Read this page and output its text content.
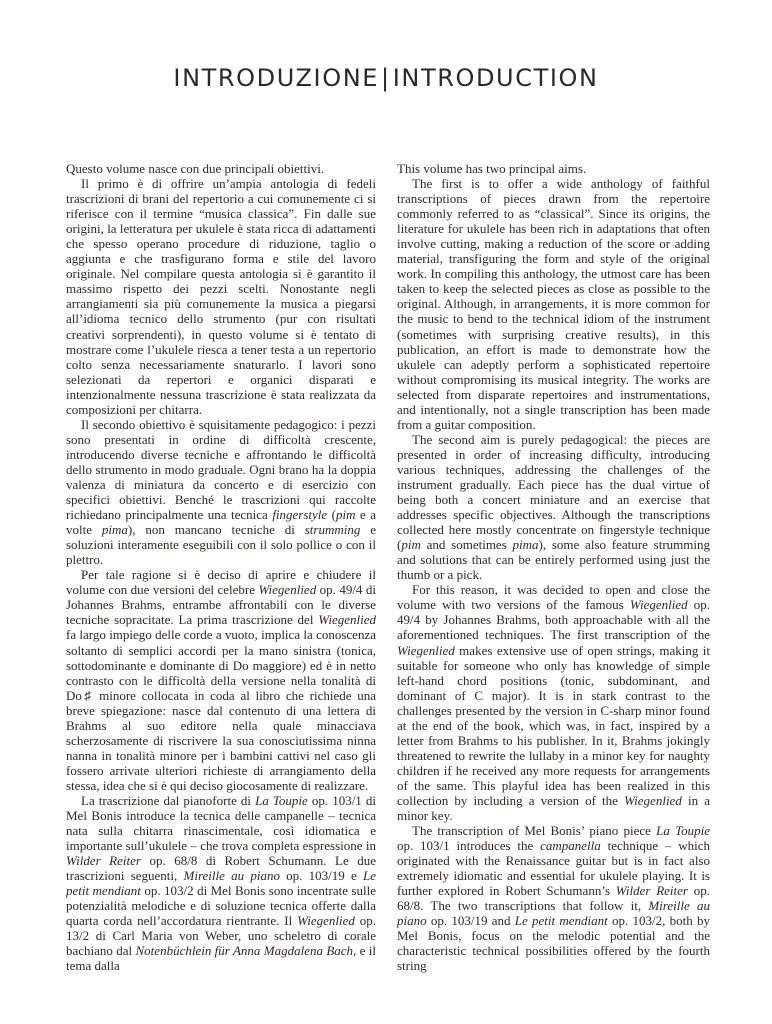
INTRODUZIONE|INTRODUCTION

Questo volume nasce con due principali obiettivi.

Il primo è di offrire un’ampia antologia di fedeli trascrizioni di brani del repertorio a cui comunemente ci si riferisce con il termine “musica classica”. Fin dalle sue origini, la letteratura per ukulele è stata ricca di adattamenti che spesso operano procedure di riduzione, taglio o aggiunta e che trasfigurano forma e stile del lavoro originale. Nel compilare questa antologia si è garantito il massimo rispetto dei pezzi scelti. Nonostante negli arrangiamenti sia più comunemente la musica a piegarsi all’idioma tecnico dello strumento (pur con risultati creativi sorprendenti), in questo volume si è tentato di mostrare come l’ukulele riesca a tener testa a un repertorio colto senza necessariamente snaturarlo. I lavori sono selezionati da repertori e organici disparati e intenzionalmente nessuna trascrizione è stata realizzata da composizioni per chitarra.

Il secondo obiettivo è squisitamente pedagogico: i pezzi sono presentati in ordine di difficoltà crescente, introducendo diverse tecniche e affrontando le difficoltà dello strumento in modo graduale. Ogni brano ha la doppia valenza di miniatura da concerto e di esercizio con specifici obiettivi. Benché le trascrizioni qui raccolte richiedano principalmente una tecnica fingerstyle (pim e a volte pima), non mancano tecniche di strumming e soluzioni interamente eseguibili con il solo pollice o con il plettro.

Per tale ragione si è deciso di aprire e chiudere il volume con due versioni del celebre Wiegenlied op. 49/4 di Johannes Brahms, entrambe affrontabili con le diverse tecniche sopracitate. La prima trascrizione del Wiegenlied fa largo impiego delle corde a vuoto, implica la conoscenza soltanto di semplici accordi per la mano sinistra (tonica, sottodominante e dominante di Do maggiore) ed è in netto contrasto con le difficoltà della versione nella tonalità di Do♯ minore collocata in coda al libro che richiede una breve spiegazione: nasce dal contenuto di una lettera di Brahms al suo editore nella quale minacciava scherzosamente di riscrivere la sua conosciutissima ninna nanna in tonalità minore per i bambini cattivi nel caso gli fossero arrivate ulteriori richieste di arrangiamento della stessa, idea che si è qui deciso giocosamente di realizzare.

La trascrizione dal pianoforte di La Toupie op. 103/1 di Mel Bonis introduce la tecnica delle campanelle – tecnica nata sulla chitarra rinascimentale, così idiomatica e importante sull’ukulele – che trova completa espressione in Wilder Reiter op. 68/8 di Robert Schumann. Le due trascrizioni seguenti, Mireille au piano op. 103/19 e Le petit mendiant op. 103/2 di Mel Bonis sono incentrate sulle potenzialità melodiche e di soluzione tecnica offerte dalla quarta corda nell’accordatura rientrante. Il Wiegenlied op. 13/2 di Carl Maria von Weber, uno scheletro di corale bachiano dal Notenbüchlein für Anna Magdalena Bach, e il tema dalla

This volume has two principal aims.

The first is to offer a wide anthology of faithful transcriptions of pieces drawn from the repertoire commonly referred to as “classical”. Since its origins, the literature for ukulele has been rich in adaptations that often involve cutting, making a reduction of the score or adding material, transfiguring the form and style of the original work. In compiling this anthology, the utmost care has been taken to keep the selected pieces as close as possible to the original. Although, in arrangements, it is more common for the music to bend to the technical idiom of the instrument (sometimes with surprising creative results), in this publication, an effort is made to demonstrate how the ukulele can adeptly perform a sophisticated repertoire without compromising its musical integrity. The works are selected from disparate repertoires and instrumentations, and intentionally, not a single transcription has been made from a guitar composition.

The second aim is purely pedagogical: the pieces are presented in order of increasing difficulty, introducing various techniques, addressing the challenges of the instrument gradually. Each piece has the dual virtue of being both a concert miniature and an exercise that addresses specific objectives. Although the transcriptions collected here mostly concentrate on fingerstyle technique (pim and sometimes pima), some also feature strumming and solutions that can be entirely performed using just the thumb or a pick.

For this reason, it was decided to open and close the volume with two versions of the famous Wiegenlied op. 49/4 by Johannes Brahms, both approachable with all the aforementioned techniques. The first transcription of the Wiegenlied makes extensive use of open strings, making it suitable for someone who only has knowledge of simple left-hand chord positions (tonic, subdominant, and dominant of C major). It is in stark contrast to the challenges presented by the version in C-sharp minor found at the end of the book, which was, in fact, inspired by a letter from Brahms to his publisher. In it, Brahms jokingly threatened to rewrite the lullaby in a minor key for naughty children if he received any more requests for arrangements of the same. This playful idea has been realized in this collection by including a version of the Wiegenlied in a minor key.

The transcription of Mel Bonis’ piano piece La Toupie op. 103/1 introduces the campanella technique – which originated with the Renaissance guitar but is in fact also extremely idiomatic and essential for ukulele playing. It is further explored in Robert Schumann’s Wilder Reiter op. 68/8. The two transcriptions that follow it, Mireille au piano op. 103/19 and Le petit mendiant op. 103/2, both by Mel Bonis, focus on the melodic potential and the characteristic technical possibilities offered by the fourth string
